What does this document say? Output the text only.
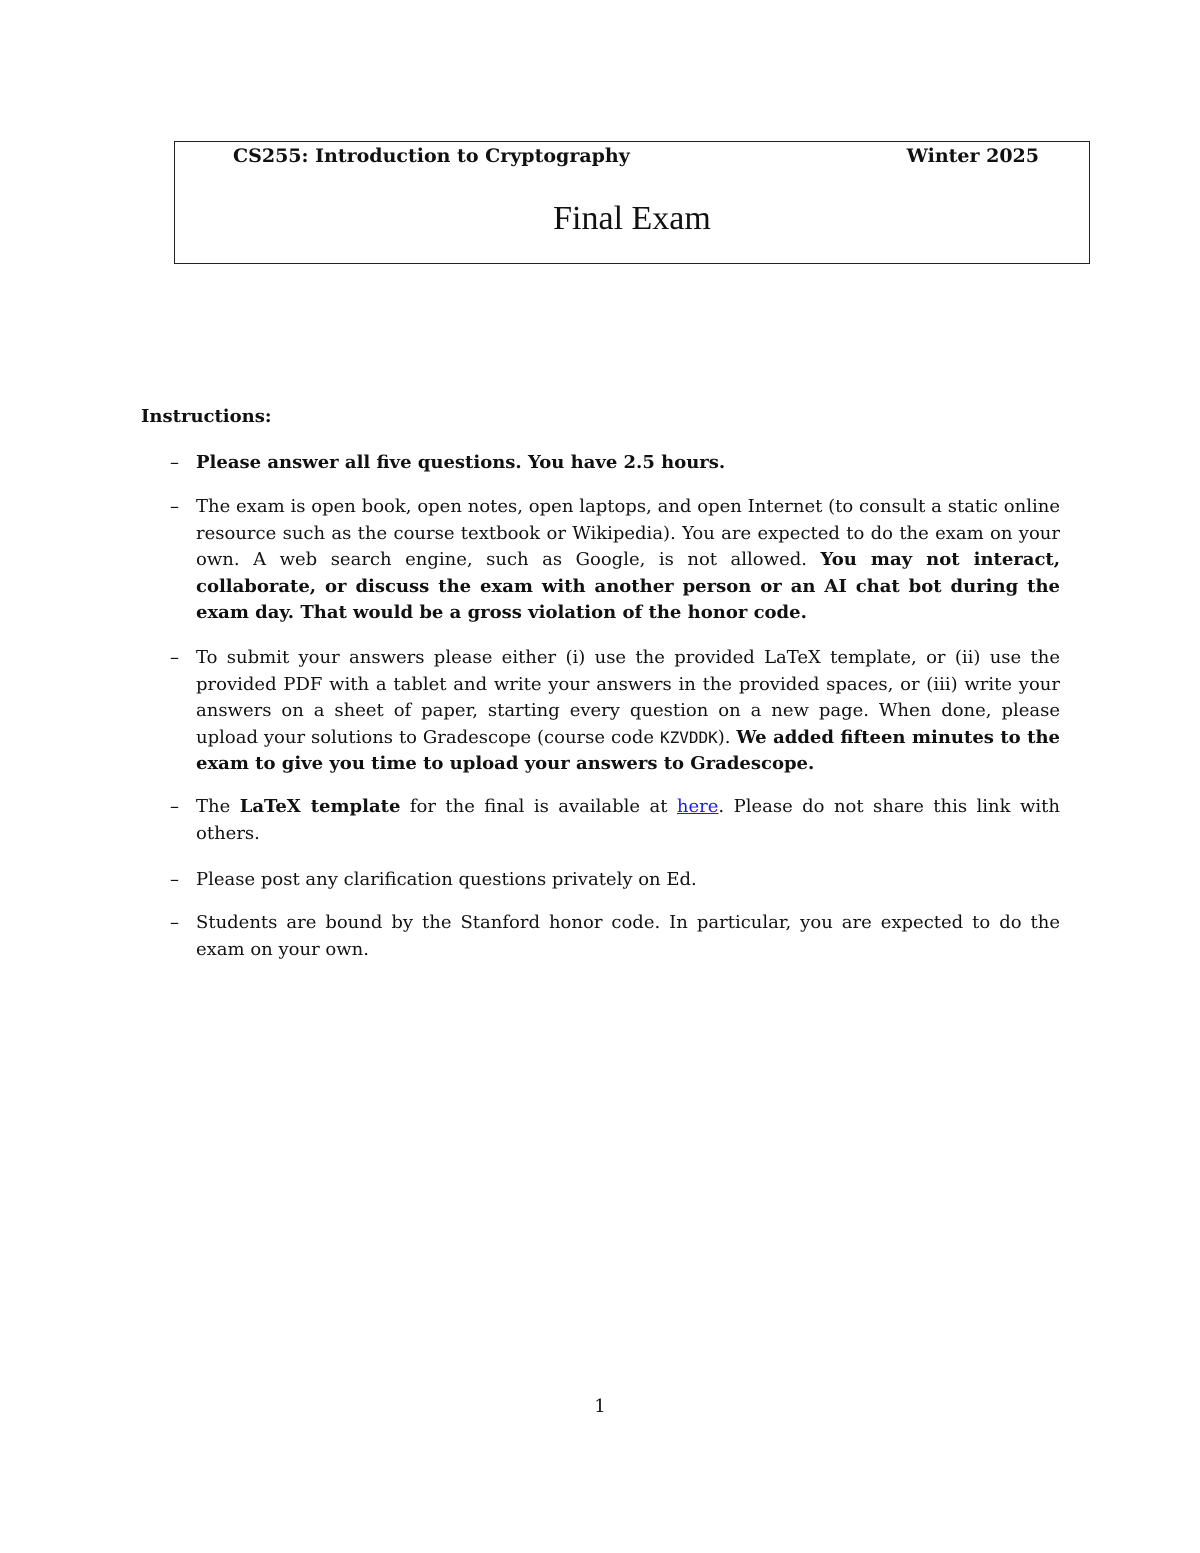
CS255: Introduction to Cryptography	Winter 2025
Final Exam
Instructions:
– Please answer all five questions. You have 2.5 hours.
– The exam is open book, open notes, open laptops, and open Internet (to consult a static online resource such as the course textbook or Wikipedia). You are expected to do the exam on your own. A web search engine, such as Google, is not allowed. You may not interact, collaborate, or discuss the exam with another person or an AI chat bot during the exam day. That would be a gross violation of the honor code.
– To submit your answers please either (i) use the provided LaTeX template, or (ii) use the provided PDF with a tablet and write your answers in the provided spaces, or (iii) write your answers on a sheet of paper, starting every question on a new page. When done, please upload your solutions to Gradescope (course code KZVDDK). We added fifteen minutes to the exam to give you time to upload your answers to Gradescope.
– The LaTeX template for the final is available at here. Please do not share this link with others.
– Please post any clarification questions privately on Ed.
– Students are bound by the Stanford honor code. In particular, you are expected to do the exam on your own.
1
